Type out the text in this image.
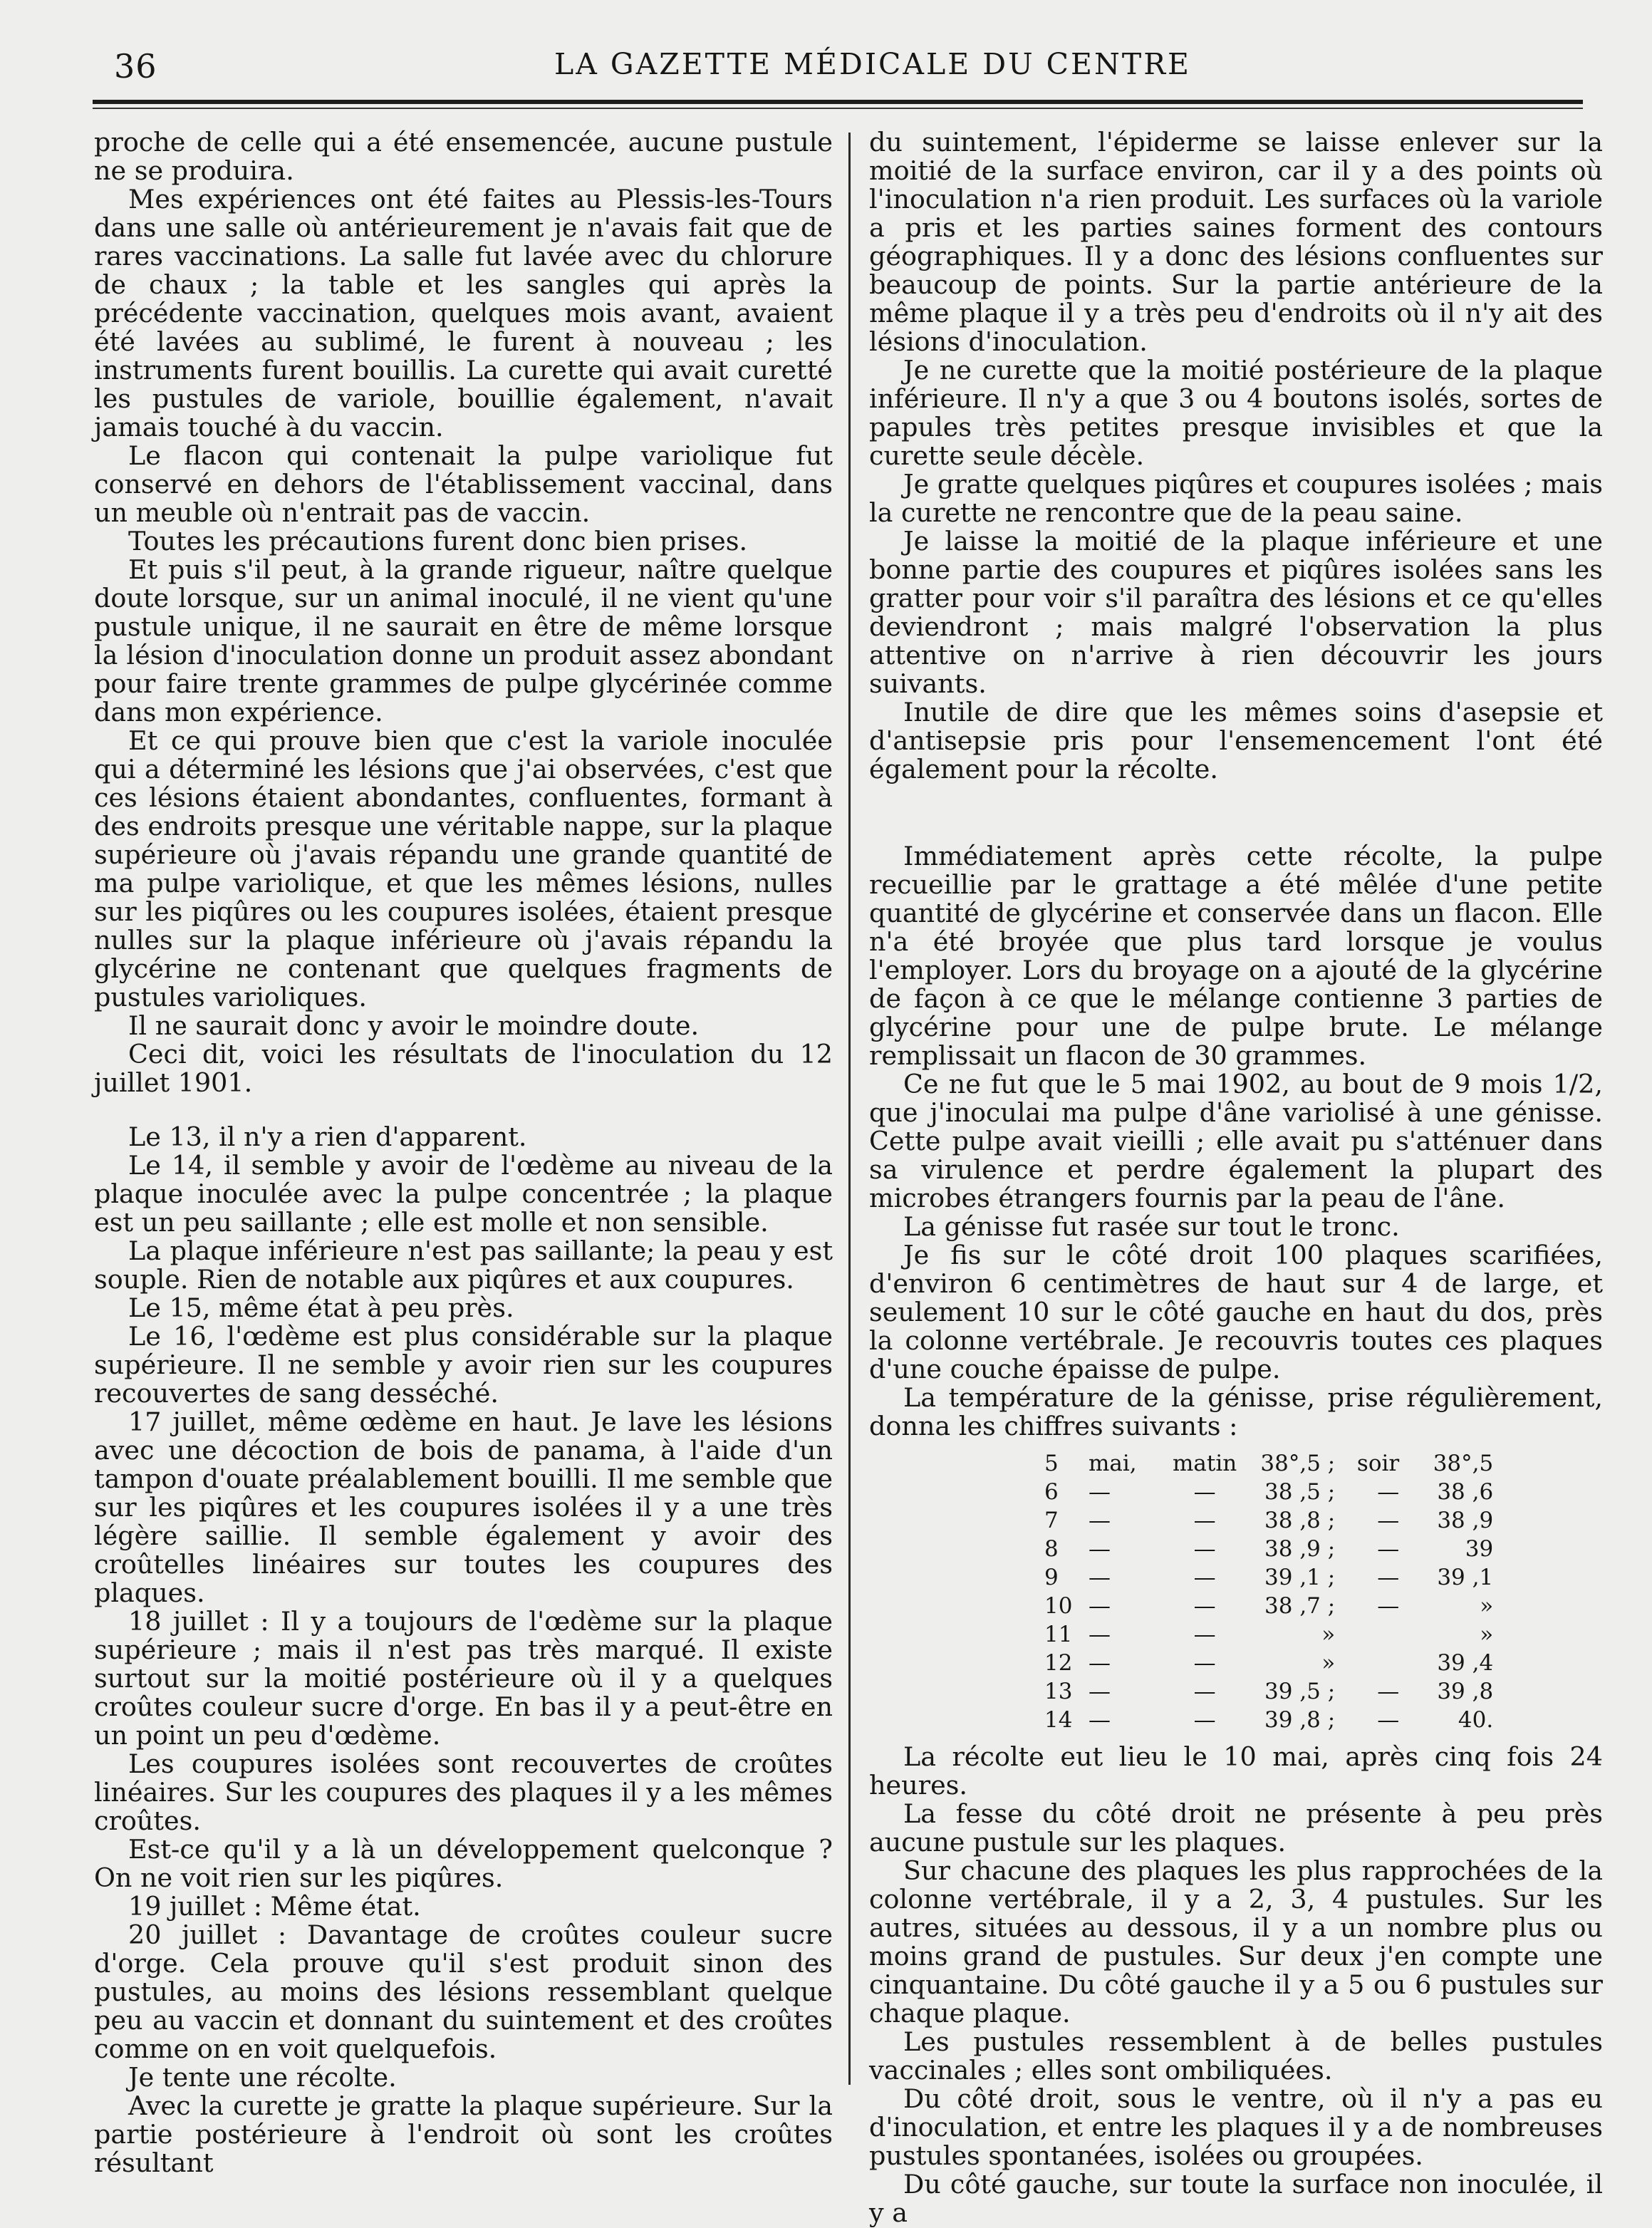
36	LA GAZETTE MÉDICALE DU CENTRE

proche de celle qui a été ensemencée, aucune pustule ne se produira.

Mes expériences ont été faites au Plessis-les-Tours dans une salle où antérieurement je n'avais fait que de rares vaccinations. La salle fut lavée avec du chlorure de chaux ; la table et les sangles qui après la précédente vaccination, quelques mois avant, avaient été lavées au sublimé, le furent à nouveau ; les instruments furent bouillis. La curette qui avait curetté les pustules de variole, bouillie également, n'avait jamais touché à du vaccin.

Le flacon qui contenait la pulpe variolique fut conservé en dehors de l'établissement vaccinal, dans un meuble où n'entrait pas de vaccin.

Toutes les précautions furent donc bien prises.

Et puis s'il peut, à la grande rigueur, naître quelque doute lorsque, sur un animal inoculé, il ne vient qu'une pustule unique, il ne saurait en être de même lorsque la lésion d'inoculation donne un produit assez abondant pour faire trente grammes de pulpe glycérinée comme dans mon expérience.

Et ce qui prouve bien que c'est la variole inoculée qui a déterminé les lésions que j'ai observées, c'est que ces lésions étaient abondantes, confluentes, formant à des endroits presque une véritable nappe, sur la plaque supérieure où j'avais répandu une grande quantité de ma pulpe variolique, et que les mêmes lésions, nulles sur les piqûres ou les coupures isolées, étaient presque nulles sur la plaque inférieure où j'avais répandu la glycérine ne contenant que quelques fragments de pustules varioliques.

Il ne saurait donc y avoir le moindre doute.

Ceci dit, voici les résultats de l'inoculation du 12 juillet 1901.

Le 13, il n'y a rien d'apparent.

Le 14, il semble y avoir de l'œdème au niveau de la plaque inoculée avec la pulpe concentrée ; la plaque est un peu saillante ; elle est molle et non sensible.

La plaque inférieure n'est pas saillante; la peau y est souple. Rien de notable aux piqûres et aux coupures.

Le 15, même état à peu près.

Le 16, l'œdème est plus considérable sur la plaque supérieure. Il ne semble y avoir rien sur les coupures recouvertes de sang desséché.

17 juillet, même œdème en haut. Je lave les lésions avec une décoction de bois de panama, à l'aide d'un tampon d'ouate préalablement bouilli. Il me semble que sur les piqûres et les coupures isolées il y a une très légère saillie. Il semble également y avoir des croûtelles linéaires sur toutes les coupures des plaques.

18 juillet : Il y a toujours de l'œdème sur la plaque supérieure ; mais il n'est pas très marqué. Il existe surtout sur la moitié postérieure où il y a quelques croûtes couleur sucre d'orge. En bas il y a peut-être en un point un peu d'œdème.

Les coupures isolées sont recouvertes de croûtes linéaires. Sur les coupures des plaques il y a les mêmes croûtes.

Est-ce qu'il y a là un développement quelconque ? On ne voit rien sur les piqûres.

19 juillet : Même état.

20 juillet : Davantage de croûtes couleur sucre d'orge. Cela prouve qu'il s'est produit sinon des pustules, au moins des lésions ressemblant quelque peu au vaccin et donnant du suintement et des croûtes comme on en voit quelquefois.

Je tente une récolte.

Avec la curette je gratte la plaque supérieure. Sur la partie postérieure à l'endroit où sont les croûtes résultant

du suintement, l'épiderme se laisse enlever sur la moitié de la surface environ, car il y a des points où l'inoculation n'a rien produit. Les surfaces où la variole a pris et les parties saines forment des contours géographiques. Il y a donc des lésions confluentes sur beaucoup de points. Sur la partie antérieure de la même plaque il y a très peu d'endroits où il n'y ait des lésions d'inoculation.

Je ne curette que la moitié postérieure de la plaque inférieure. Il n'y a que 3 ou 4 boutons isolés, sortes de papules très petites presque invisibles et que la curette seule décèle.

Je gratte quelques piqûres et coupures isolées ; mais la curette ne rencontre que de la peau saine.

Je laisse la moitié de la plaque inférieure et une bonne partie des coupures et piqûres isolées sans les gratter pour voir s'il paraîtra des lésions et ce qu'elles deviendront ; mais malgré l'observation la plus attentive on n'arrive à rien découvrir les jours suivants.

Inutile de dire que les mêmes soins d'asepsie et d'antisepsie pris pour l'ensemencement l'ont été également pour la récolte.

Immédiatement après cette récolte, la pulpe recueillie par le grattage a été mêlée d'une petite quantité de glycérine et conservée dans un flacon. Elle n'a été broyée que plus tard lorsque je voulus l'employer. Lors du broyage on a ajouté de la glycérine de façon à ce que le mélange contienne 3 parties de glycérine pour une de pulpe brute. Le mélange remplissait un flacon de 30 grammes.

Ce ne fut que le 5 mai 1902, au bout de 9 mois 1/2, que j'inoculai ma pulpe d'âne variolisé à une génisse. Cette pulpe avait vieilli ; elle avait pu s'atténuer dans sa virulence et perdre également la plupart des microbes étrangers fournis par la peau de l'âne.

La génisse fut rasée sur tout le tronc.

Je fis sur le côté droit 100 plaques scarifiées, d'environ 6 centimètres de haut sur 4 de large, et seulement 10 sur le côté gauche en haut du dos, près la colonne vertébrale. Je recouvris toutes ces plaques d'une couche épaisse de pulpe.

La température de la génisse, prise régulièrement, donna les chiffres suivants :

5	mai,	matin	38°,5 ;	soir	38°,5
6	—	—	38 ,5 ;	—	38 ,6
7	—	—	38 ,8 ;	—	38 ,9
8	—	—	38 ,9 ;	—	39
9	—	—	39 ,1 ;	—	39 ,1
10	—	—	38 ,7 ;	—	»
11	—	—	»		»
12	—	—	»		39 ,4
13	—	—	39 ,5 ;	—	39 ,8
14	—	—	39 ,8 ;	—	40.

La récolte eut lieu le 10 mai, après cinq fois 24 heures.

La fesse du côté droit ne présente à peu près aucune pustule sur les plaques.

Sur chacune des plaques les plus rapprochées de la colonne vertébrale, il y a 2, 3, 4 pustules. Sur les autres, situées au dessous, il y a un nombre plus ou moins grand de pustules. Sur deux j'en compte une cinquantaine. Du côté gauche il y a 5 ou 6 pustules sur chaque plaque.

Les pustules ressemblent à de belles pustules vaccinales ; elles sont ombiliquées.

Du côté droit, sous le ventre, où il n'y a pas eu d'inoculation, et entre les plaques il y a de nombreuses pustules spontanées, isolées ou groupées.

Du côté gauche, sur toute la surface non inoculée, il y a
